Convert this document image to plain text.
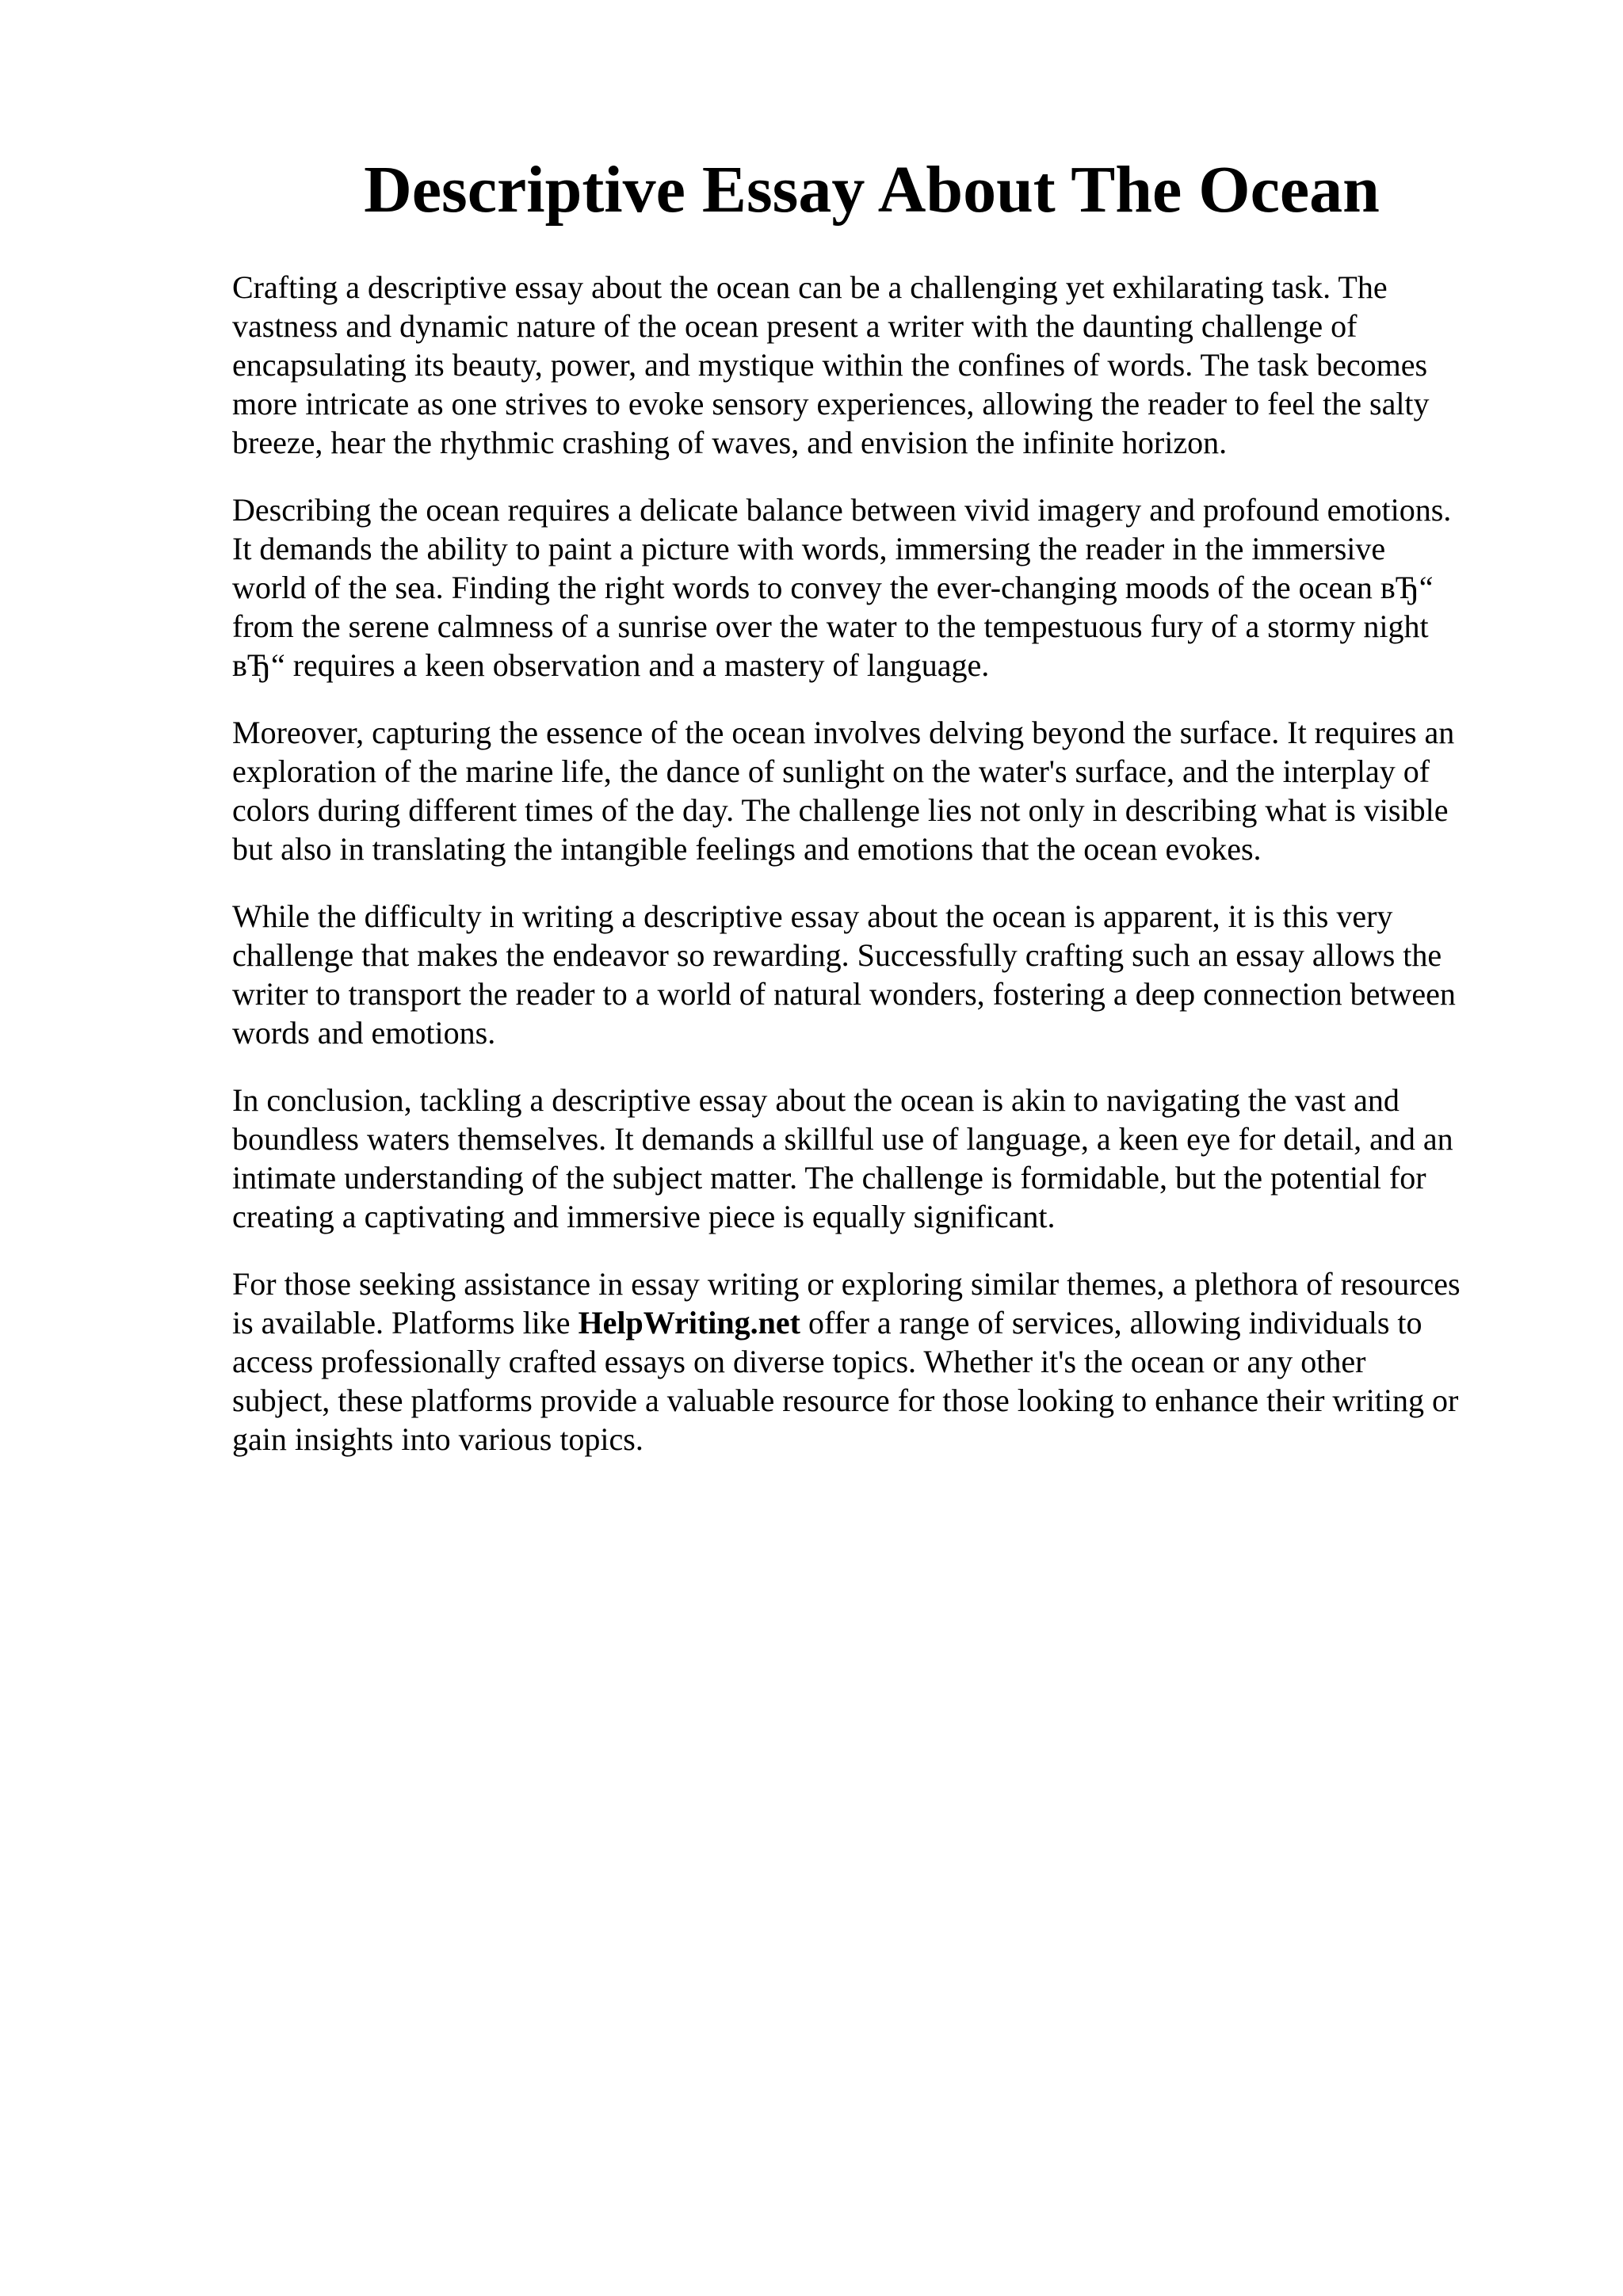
Descriptive Essay About The Ocean

Crafting a descriptive essay about the ocean can be a challenging yet exhilarating task. The
vastness and dynamic nature of the ocean present a writer with the daunting challenge of
encapsulating its beauty, power, and mystique within the confines of words. The task becomes
more intricate as one strives to evoke sensory experiences, allowing the reader to feel the salty
breeze, hear the rhythmic crashing of waves, and envision the infinite horizon.

Describing the ocean requires a delicate balance between vivid imagery and profound emotions.
It demands the ability to paint a picture with words, immersing the reader in the immersive
world of the sea. Finding the right words to convey the ever-changing moods of the ocean вЂ“
from the serene calmness of a sunrise over the water to the tempestuous fury of a stormy night
вЂ“ requires a keen observation and a mastery of language.

Moreover, capturing the essence of the ocean involves delving beyond the surface. It requires an
exploration of the marine life, the dance of sunlight on the water's surface, and the interplay of
colors during different times of the day. The challenge lies not only in describing what is visible
but also in translating the intangible feelings and emotions that the ocean evokes.

While the difficulty in writing a descriptive essay about the ocean is apparent, it is this very
challenge that makes the endeavor so rewarding. Successfully crafting such an essay allows the
writer to transport the reader to a world of natural wonders, fostering a deep connection between
words and emotions.

In conclusion, tackling a descriptive essay about the ocean is akin to navigating the vast and
boundless waters themselves. It demands a skillful use of language, a keen eye for detail, and an
intimate understanding of the subject matter. The challenge is formidable, but the potential for
creating a captivating and immersive piece is equally significant.

For those seeking assistance in essay writing or exploring similar themes, a plethora of resources
is available. Platforms like HelpWriting.net offer a range of services, allowing individuals to
access professionally crafted essays on diverse topics. Whether it's the ocean or any other
subject, these platforms provide a valuable resource for those looking to enhance their writing or
gain insights into various topics.
